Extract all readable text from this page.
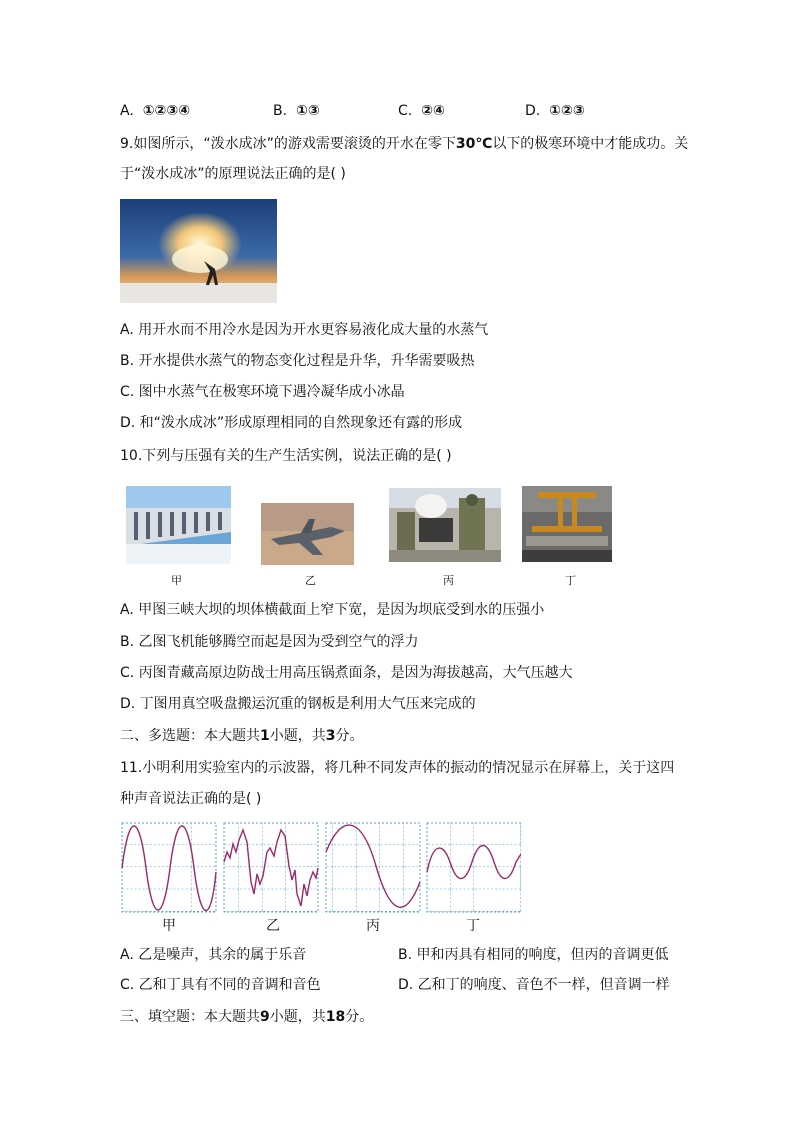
A. ①②③④	B. ①③	C. ②④	D. ①②③
9.如图所示，“泼水成冰”的游戏需要滚烫的开水在零下30℃以下的极寒环境中才能成功。关
于“泼水成冰”的原理说法正确的是( )
A. 用开水而不用冷水是因为开水更容易液化成大量的水蒸气
B. 开水提供水蒸气的物态变化过程是升华，升华需要吸热
C. 图中水蒸气在极寒环境下遇冷凝华成小冰晶
D. 和“泼水成冰”形成原理相同的自然现象还有露的形成
10.下列与压强有关的生产生活实例，说法正确的是( )
甲	乙	丙	丁
A. 甲图三峡大坝的坝体横截面上窄下宽，是因为坝底受到水的压强小
B. 乙图飞机能够腾空而起是因为受到空气的浮力
C. 丙图青藏高原边防战士用高压锅煮面条，是因为海拔越高，大气压越大
D. 丁图用真空吸盘搬运沉重的钢板是利用大气压来完成的
二、多选题：本大题共1小题，共3分。
11.小明利用实验室内的示波器，将几种不同发声体的振动的情况显示在屏幕上，关于这四
种声音说法正确的是( )
甲	乙	丙	丁
A. 乙是噪声，其余的属于乐音	B. 甲和丙具有相同的响度，但丙的音调更低
C. 乙和丁具有不同的音调和音色	D. 乙和丁的响度、音色不一样，但音调一样
三、填空题：本大题共9小题，共18分。
